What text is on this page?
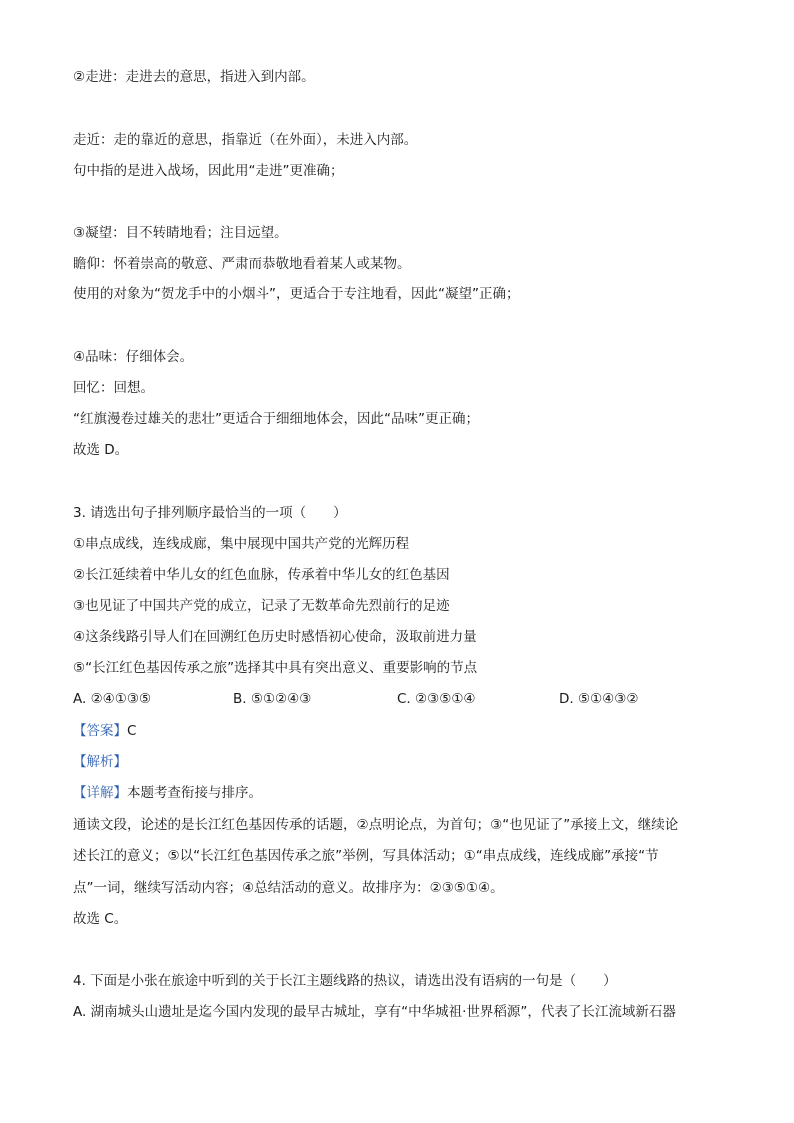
②走进：走进去的意思，指进入到内部。
走近：走的靠近的意思，指靠近（在外面），未进入内部。
句中指的是进入战场，因此用“走进”更准确；
③凝望：目不转睛地看；注目远望。
瞻仰：怀着崇高的敬意、严肃而恭敬地看着某人或某物。
使用的对象为“贺龙手中的小烟斗”，更适合于专注地看，因此“凝望”正确；
④品味：仔细体会。
回忆：回想。
“红旗漫卷过雄关的悲壮”更适合于细细地体会，因此“品味”更正确；
故选 D。
3. 请选出句子排列顺序最恰当的一项（　　）
①串点成线，连线成廊，集中展现中国共产党的光辉历程
②长江延续着中华儿女的红色血脉，传承着中华儿女的红色基因
③也见证了中国共产党的成立，记录了无数革命先烈前行的足迹
④这条线路引导人们在回溯红色历史时感悟初心使命，汲取前进力量
⑤“长江红色基因传承之旅”选择其中具有突出意义、重要影响的节点
A. ②④①③⑤	B. ⑤①②④③	C. ②③⑤①④	D. ⑤①④③②
【答案】C
【解析】
【详解】本题考查衔接与排序。
通读文段，论述的是长江红色基因传承的话题，②点明论点，为首句；③“也见证了”承接上文，继续论
述长江的意义；⑤以“长江红色基因传承之旅”举例，写具体活动；①“串点成线，连线成廊”承接“节
点”一词，继续写活动内容；④总结活动的意义。故排序为：②③⑤①④。
故选 C。
4. 下面是小张在旅途中听到的关于长江主题线路的热议，请选出没有语病的一句是（　　）
A. 湖南城头山遗址是迄今国内发现的最早古城址，享有“中华城祖·世界稻源”，代表了长江流域新石器
